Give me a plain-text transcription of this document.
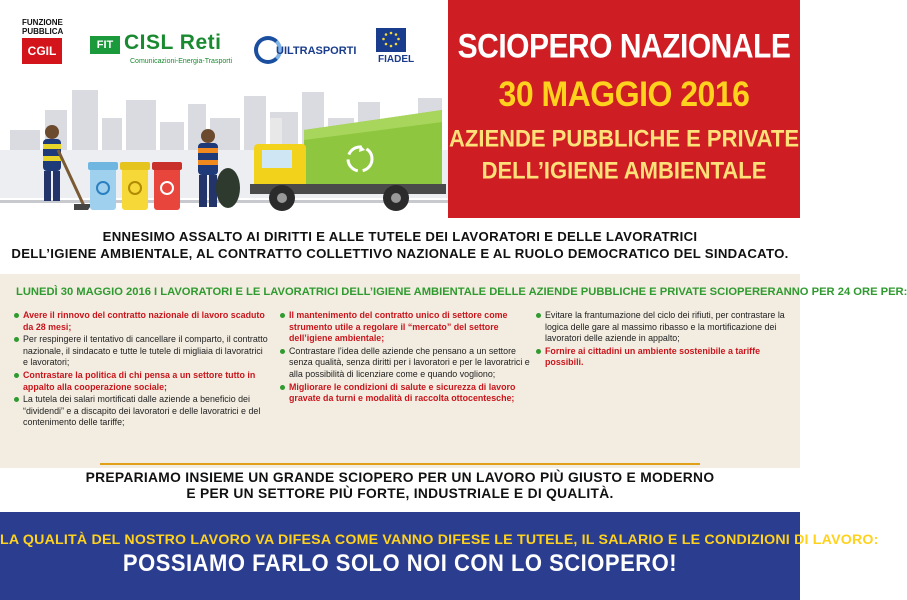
FUNZIONE
PUBBLICA
CGIL	FIT CISL Reti
Comunicazioni-Energia-Trasporti
UILTRASPORTI
FIADEL	SCIOPERO NAZIONALE
30 MAGGIO 2016
AZIENDE PUBBLICHE E PRIVATE
DELL’IGIENE AMBIENTALE
ENNESIMO ASSALTO AI DIRITTI E ALLE TUTELE DEI LAVORATORI E DELLE LAVORATRICI
DELL’IGIENE AMBIENTALE, AL CONTRATTO COLLETTIVO NAZIONALE E AL RUOLO DEMOCRATICO DEL SINDACATO.
LUNEDÌ 30 MAGGIO 2016 I LAVORATORI E LE LAVORATRICI DELL’IGIENE AMBIENTALE DELLE AZIENDE PUBBLICHE E PRIVATE SCIOPERERANNO PER 24 ORE PER:
Avere il rinnovo del contratto nazionale di lavoro scaduto da 28 mesi;
Per respingere il tentativo di cancellare il comparto, il contratto nazionale, il sindacato e tutte le tutele di migliaia di lavoratrici e lavoratori;
Contrastare la politica di chi pensa a un settore tutto in appalto alla cooperazione sociale;
La tutela dei salari mortificati dalle aziende a beneficio dei “dividendi” e a discapito dei lavoratori e delle lavoratrici e del contenimento delle tariffe;
Il mantenimento del contratto unico di settore come strumento utile a regolare il “mercato” del settore dell’igiene ambientale;
Contrastare l’idea delle aziende che pensano a un settore senza qualità, senza diritti per i lavoratori e per le lavoratrici e alla possibilità di licenziare come e quando vogliono;
Migliorare le condizioni di salute e sicurezza di lavoro gravate da turni e modalità di raccolta ottocentesche;
Evitare la frantumazione del ciclo dei rifiuti, per contrastare la logica delle gare al massimo ribasso e la mortificazione dei lavoratori delle aziende in appalto;
Fornire ai cittadini un ambiente sostenibile a tariffe possibili.
PREPARIAMO INSIEME UN GRANDE SCIOPERO PER UN LAVORO PIÙ GIUSTO E MODERNO
E PER UN SETTORE PIÙ FORTE, INDUSTRIALE E DI QUALITÀ.
LA QUALITÀ DEL NOSTRO LAVORO VA DIFESA COME VANNO DIFESE LE TUTELE, IL SALARIO E LE CONDIZIONI DI LAVORO:
POSSIAMO FARLO SOLO NOI CON LO SCIOPERO!
